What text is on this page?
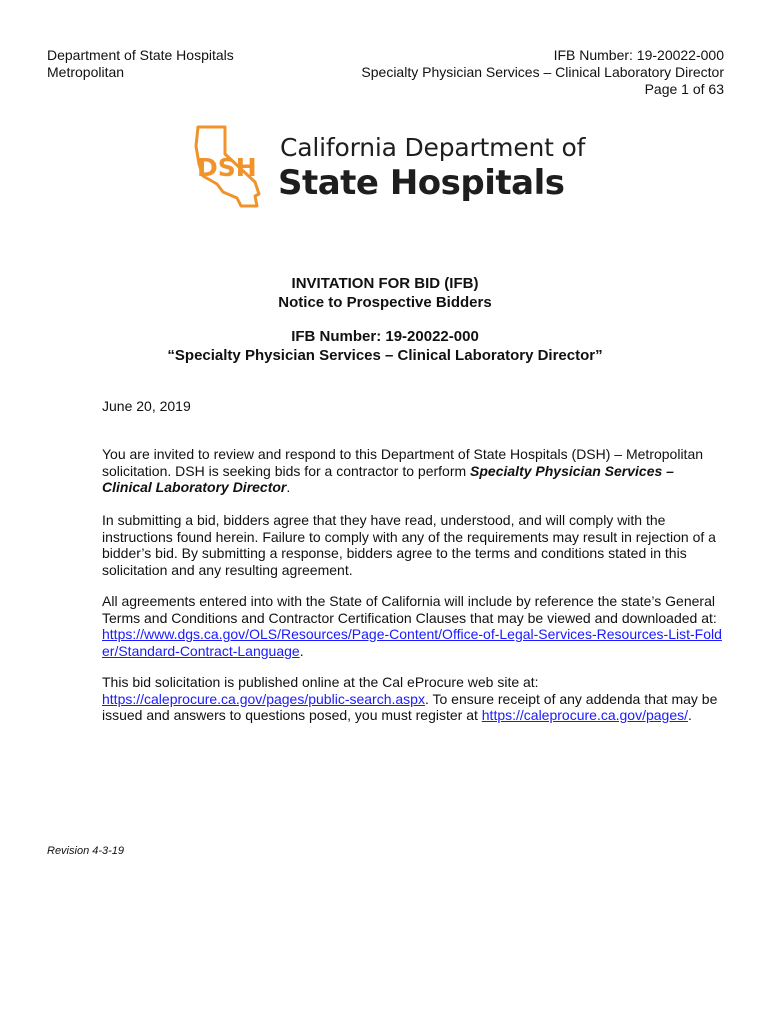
Department of State Hospitals
Metropolitan
IFB Number: 19-20022-000
Specialty Physician Services – Clinical Laboratory Director
Page 1 of 63
DSH
California Department of
State Hospitals
INVITATION FOR BID (IFB)
Notice to Prospective Bidders
IFB Number: 19-20022-000
“Specialty Physician Services – Clinical Laboratory Director”
June 20, 2019
You are invited to review and respond to this Department of State Hospitals (DSH) – Metropolitan solicitation. DSH is seeking bids for a contractor to perform Specialty Physician Services – Clinical Laboratory Director.
In submitting a bid, bidders agree that they have read, understood, and will comply with the instructions found herein. Failure to comply with any of the requirements may result in rejection of a bidder’s bid. By submitting a response, bidders agree to the terms and conditions stated in this solicitation and any resulting agreement.
All agreements entered into with the State of California will include by reference the state’s General Terms and Conditions and Contractor Certification Clauses that may be viewed and downloaded at: https://www.dgs.ca.gov/OLS/Resources/Page-Content/Office-of-Legal-Services-Resources-List-Folder/Standard-Contract-Language.
This bid solicitation is published online at the Cal eProcure web site at: https://caleprocure.ca.gov/pages/public-search.aspx. To ensure receipt of any addenda that may be issued and answers to questions posed, you must register at https://caleprocure.ca.gov/pages/.
Revision 4-3-19
